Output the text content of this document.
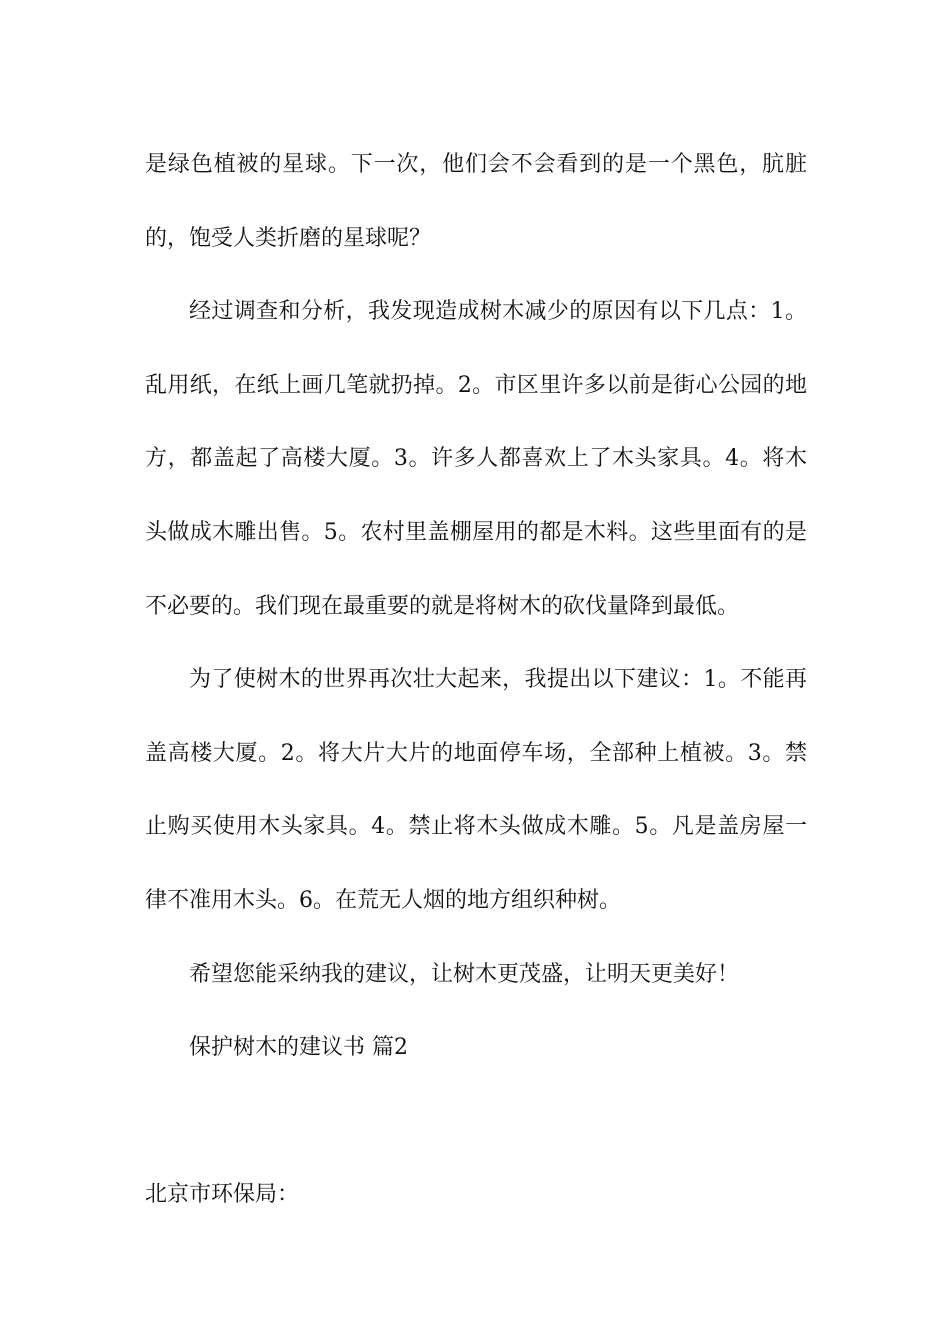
是绿色植被的星球。下一次，他们会不会看到的是一个黑色，肮脏的，饱受人类折磨的星球呢？

经过调查和分析，我发现造成树木减少的原因有以下几点：1。乱用纸，在纸上画几笔就扔掉。2。市区里许多以前是街心公园的地方，都盖起了高楼大厦。3。许多人都喜欢上了木头家具。4。将木头做成木雕出售。5。农村里盖棚屋用的都是木料。这些里面有的是不必要的。我们现在最重要的就是将树木的砍伐量降到最低。

为了使树木的世界再次壮大起来，我提出以下建议：1。不能再盖高楼大厦。2。将大片大片的地面停车场，全部种上植被。3。禁止购买使用木头家具。4。禁止将木头做成木雕。5。凡是盖房屋一律不准用木头。6。在荒无人烟的地方组织种树。

希望您能采纳我的建议，让树木更茂盛，让明天更美好！

保护树木的建议书 篇2

北京市环保局：
